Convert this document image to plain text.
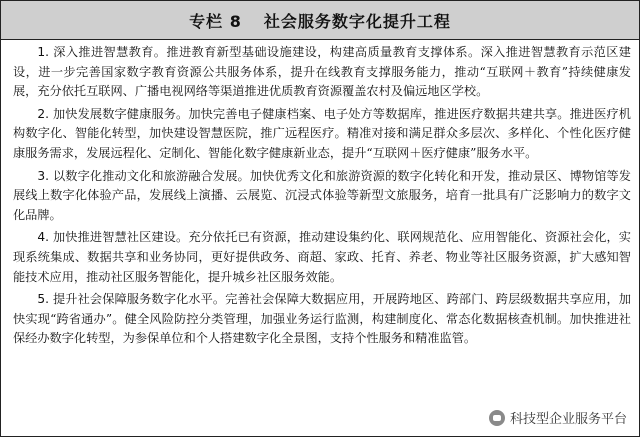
专栏 8 社会服务数字化提升工程

1. 深入推进智慧教育。推进教育新型基础设施建设，构建高质量教育支撑体系。深入推进智慧教育示范区建设，进一步完善国家数字教育资源公共服务体系，提升在线教育支撑服务能力，推动“互联网＋教育”持续健康发展，充分依托互联网、广播电视网络等渠道推进优质教育资源覆盖农村及偏远地区学校。

2. 加快发展数字健康服务。加快完善电子健康档案、电子处方等数据库，推进医疗数据共建共享。推进医疗机构数字化、智能化转型，加快建设智慧医院，推广远程医疗。精准对接和满足群众多层次、多样化、个性化医疗健康服务需求，发展远程化、定制化、智能化数字健康新业态，提升“互联网＋医疗健康”服务水平。

3. 以数字化推动文化和旅游融合发展。加快优秀文化和旅游资源的数字化转化和开发，推动景区、博物馆等发展线上数字化体验产品，发展线上演播、云展览、沉浸式体验等新型文旅服务，培育一批具有广泛影响力的数字文化品牌。

4. 加快推进智慧社区建设。充分依托已有资源，推动建设集约化、联网规范化、应用智能化、资源社会化，实现系统集成、数据共享和业务协同，更好提供政务、商超、家政、托育、养老、物业等社区服务资源，扩大感知智能技术应用，推动社区服务智能化，提升城乡社区服务效能。

5. 提升社会保障服务数字化水平。完善社会保障大数据应用，开展跨地区、跨部门、跨层级数据共享应用，加快实现“跨省通办”。健全风险防控分类管理，加强业务运行监测，构建制度化、常态化数据核查机制。加快推进社保经办数字化转型，为参保单位和个人搭建数字化全景图，支持个性服务和精准监管。

科技型企业服务平台
